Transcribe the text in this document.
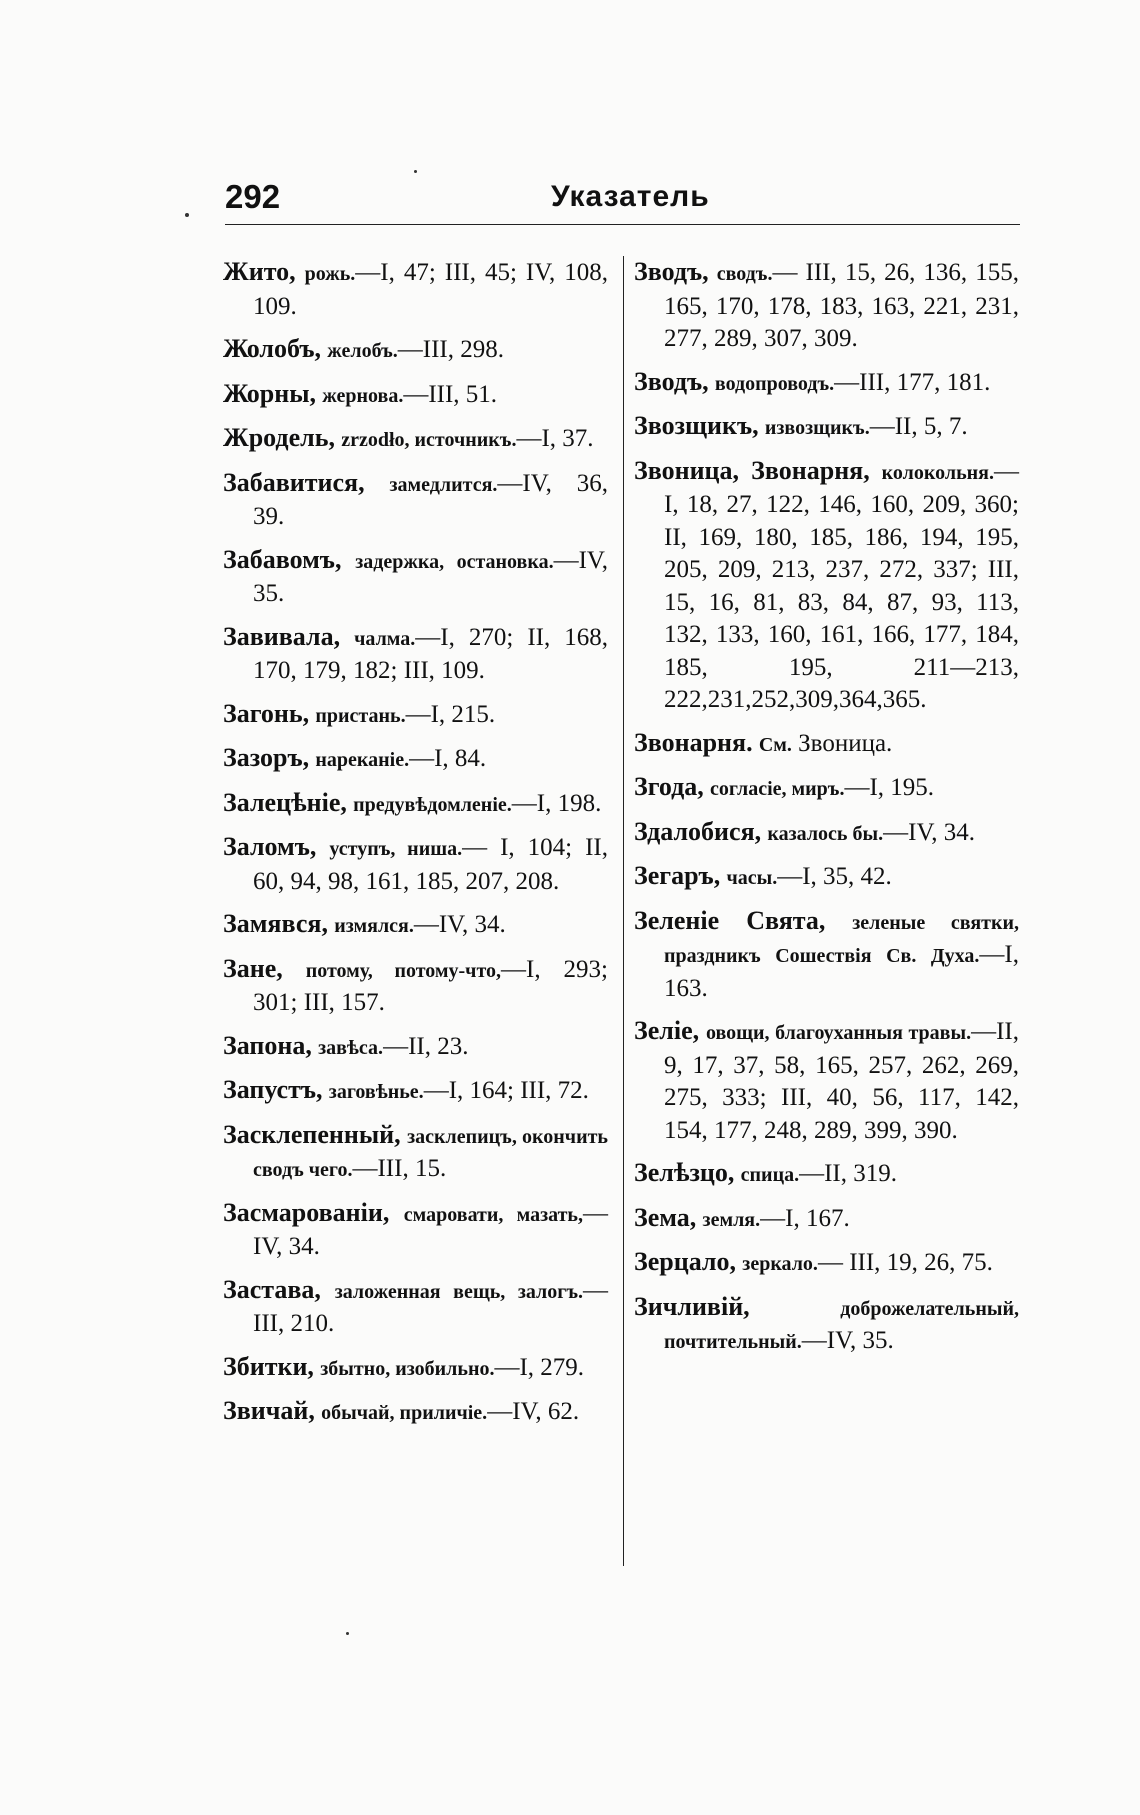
292	Указатель
Жито, рожь.—I, 47; III, 45; IV, 108, 109.
Жолобъ, желобъ.—III, 298.
Жорны, жернова.—III, 51.
Жродель, zrzodło, источникъ.—I, 37.
Забавитися, замедлится.—IV, 36, 39.
Забавомъ, задержка, остановка.—IV, 35.
Завивала, чалма.—I, 270; II, 168, 170, 179, 182; III, 109.
Загонь, пристань.—I, 215.
Зазоръ, нареканіе.—I, 84.
Залецѣніе, предувѣдомленіе.—I, 198.
Заломъ, уступъ, ниша.— I, 104; II, 60, 94, 98, 161, 185, 207, 208.
Замявся, измялся.—IV, 34.
Зане, потому, потому-что,—I, 293; 301; III, 157.
Запона, завѣса.—II, 23.
Запустъ, заговѣнье.—I, 164; III, 72.
Засклепенный, засклепицъ, окончить сводъ чего.—III, 15.
Засмарованіи, смаровати, мазать,—IV, 34.
Застава, заложенная вещь, залогъ.—III, 210.
Збитки, збытно, изобильно.—I, 279.
Звичай, обычай, приличіе.—IV, 62.
Зводъ, сводъ.— III, 15, 26, 136, 155, 165, 170, 178, 183, 163, 221, 231, 277, 289, 307, 309.
Зводъ, водопроводъ.—III, 177, 181.
Звозщикъ, извозщикъ.—II, 5, 7.
Звоница, Звонарня, колокольня.— I, 18, 27, 122, 146, 160, 209, 360; II, 169, 180, 185, 186, 194, 195, 205, 209, 213, 237, 272, 337; III, 15, 16, 81, 83, 84, 87, 93, 113, 132, 133, 160, 161, 166, 177, 184, 185, 195, 211—213, 222,231,252,309,364,365.
Звонарня. См. Звоница.
Згода, согласіе, миръ.—I, 195.
Здалобися, казалось бы.—IV, 34.
Зегаръ, часы.—I, 35, 42.
Зеленіе Свята, зеленые святки, праздникъ Сошествія Св. Духа.—I, 163.
Зеліе, овощи, благоуханныя травы.—II, 9, 17, 37, 58, 165, 257, 262, 269, 275, 333; III, 40, 56, 117, 142, 154, 177, 248, 289, 399, 390.
Зелѣзцо, спица.—II, 319.
Зема, земля.—I, 167.
Зерцало, зеркало.— III, 19, 26, 75.
Зичливій,	доброжелательный, почтительный.—IV, 35.
